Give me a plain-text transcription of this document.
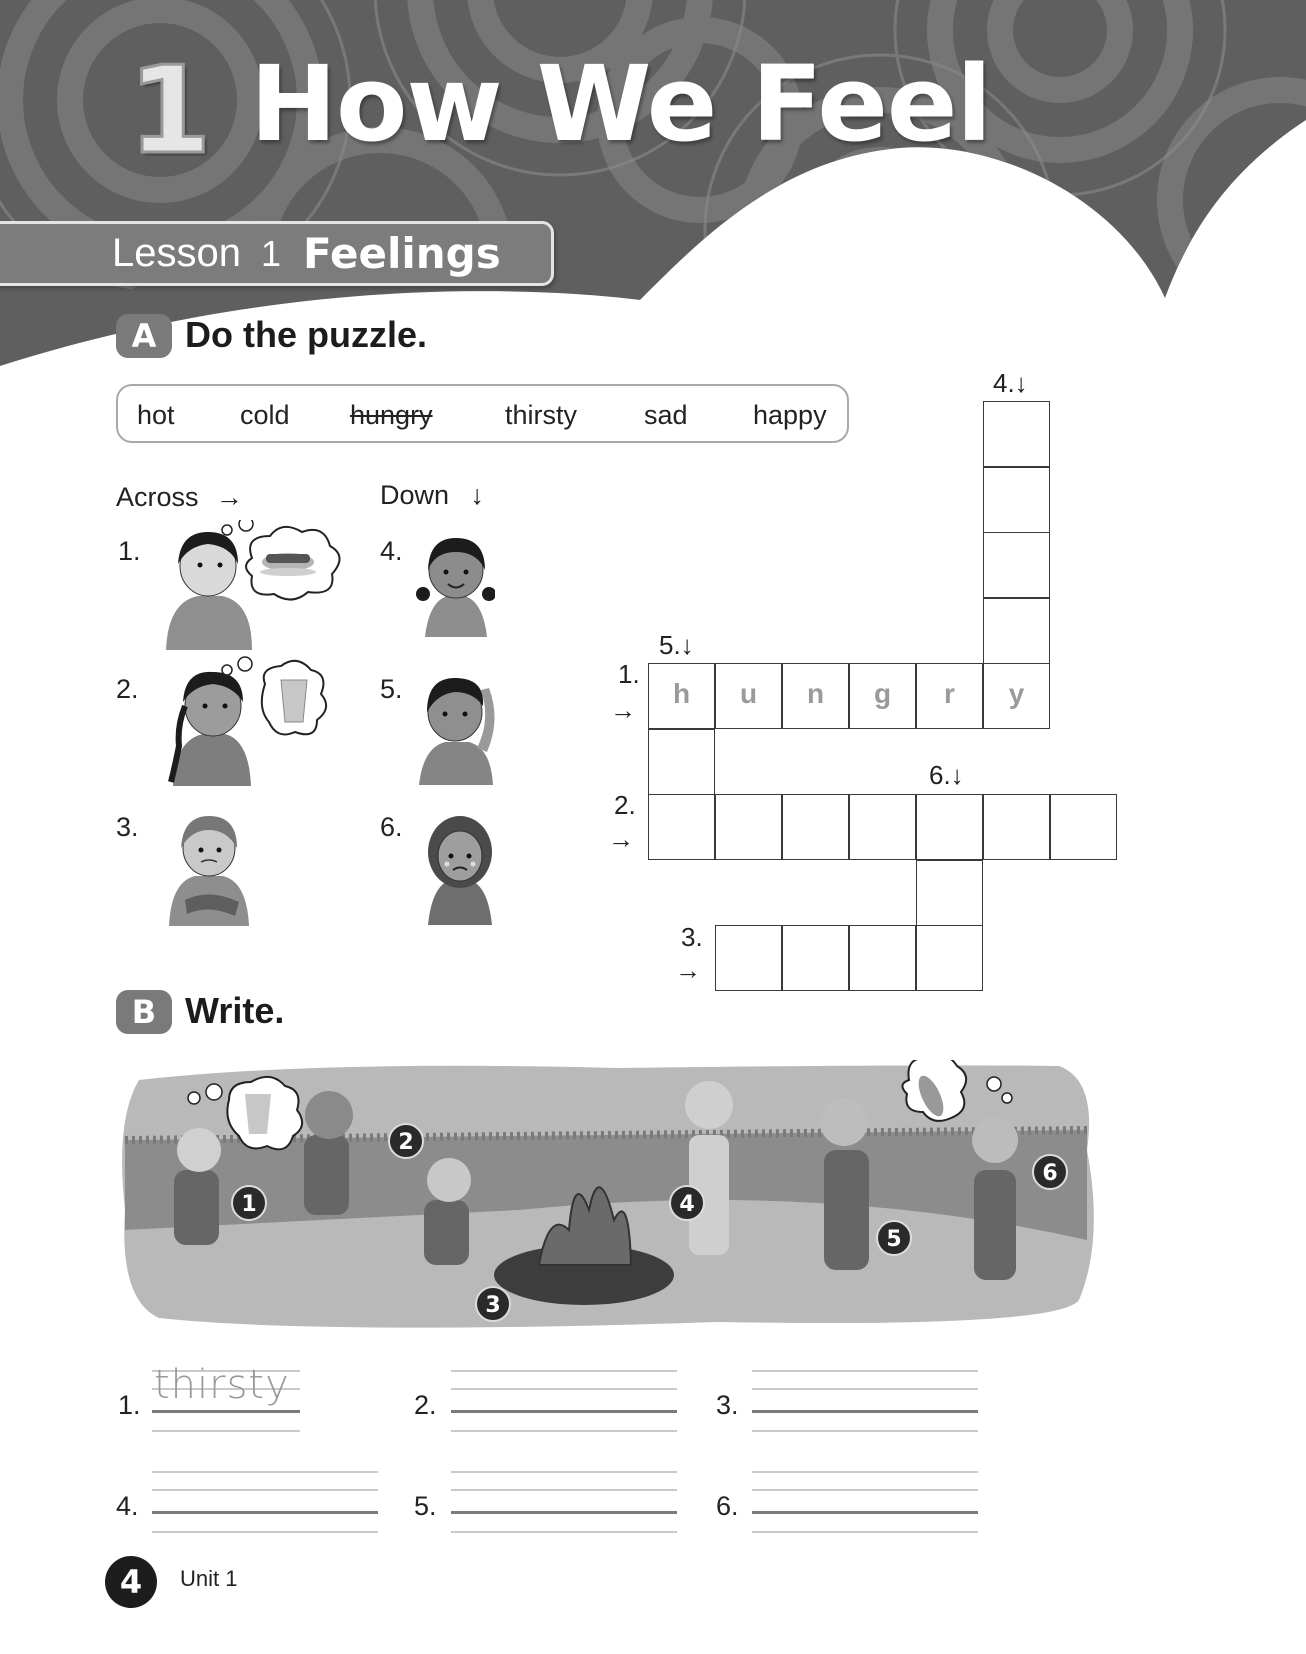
1 How We Feel
Lesson 1 Feelings
A Do the puzzle.
hot cold hungry	thirsty sad happy
Across →	Down ↓
1.
2.
3.
4.
5.
6.
h	u	n	g	r	y
4.↓
5.↓
6.↓
1.
→
2.
→
3.
→
B Write.
1
2
3
4
5
6
1. thirsty	2.	3.
4.	5.	6.
4	Unit 1
